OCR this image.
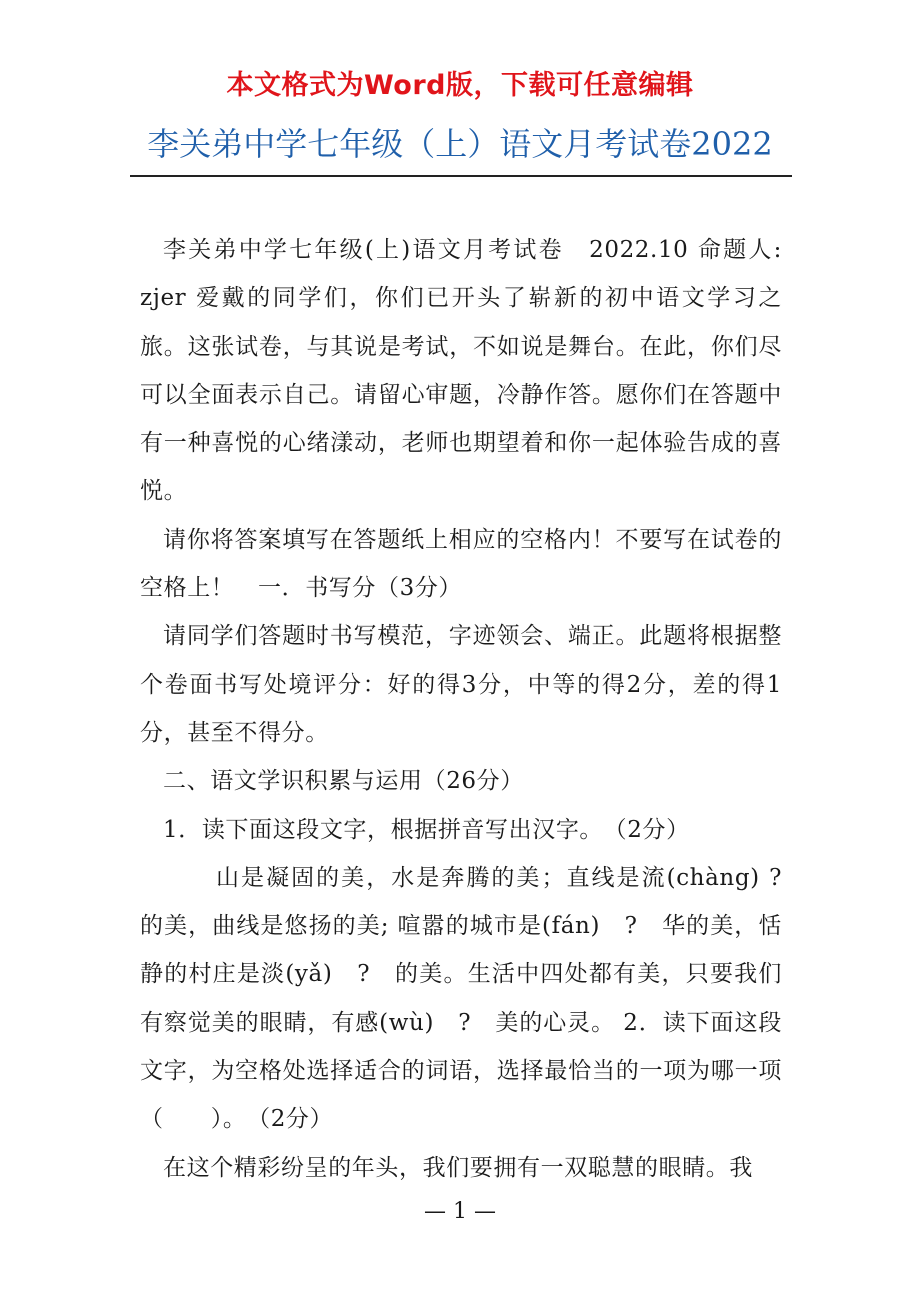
本文格式为Word版，下载可任意编辑
李关弟中学七年级（上）语文月考试卷2022

李关弟中学七年级(上)语文月考试卷　2022.10 命题人: zjer 爱戴的同学们，你们已开头了崭新的初中语文学习之旅。这张试卷，与其说是考试，不如说是舞台。在此，你们尽可以全面表示自己。请留心审题，冷静作答。愿你们在答题中有一种喜悦的心绪漾动，老师也期望着和你一起体验告成的喜悦。

请你将答案填写在答题纸上相应的空格内！不要写在试卷的空格上！　一．书写分（3分）

请同学们答题时书写模范，字迹领会、端正。此题将根据整个卷面书写处境评分：好的得3分，中等的得2分，差的得1分，甚至不得分。

二、语文学识积累与运用（26分）

1．读下面这段文字，根据拼音写出汉字。　（2分）

山是凝固的美，水是奔腾的美；直线是流(chàng) ? 的美，曲线是悠扬的美; 喧嚣的城市是(fán)　?　华的美，恬静的村庄是淡(yǎ)　?　的美。生活中四处都有美，只要我们有察觉美的眼睛，有感(wù)　?　美的心灵。 2．读下面这段文字，为空格处选择适合的词语，选择最恰当的一项为哪一项（　　）。　（2分）

在这个精彩纷呈的年头，我们要拥有一双聪慧的眼睛。我

— 1 —
